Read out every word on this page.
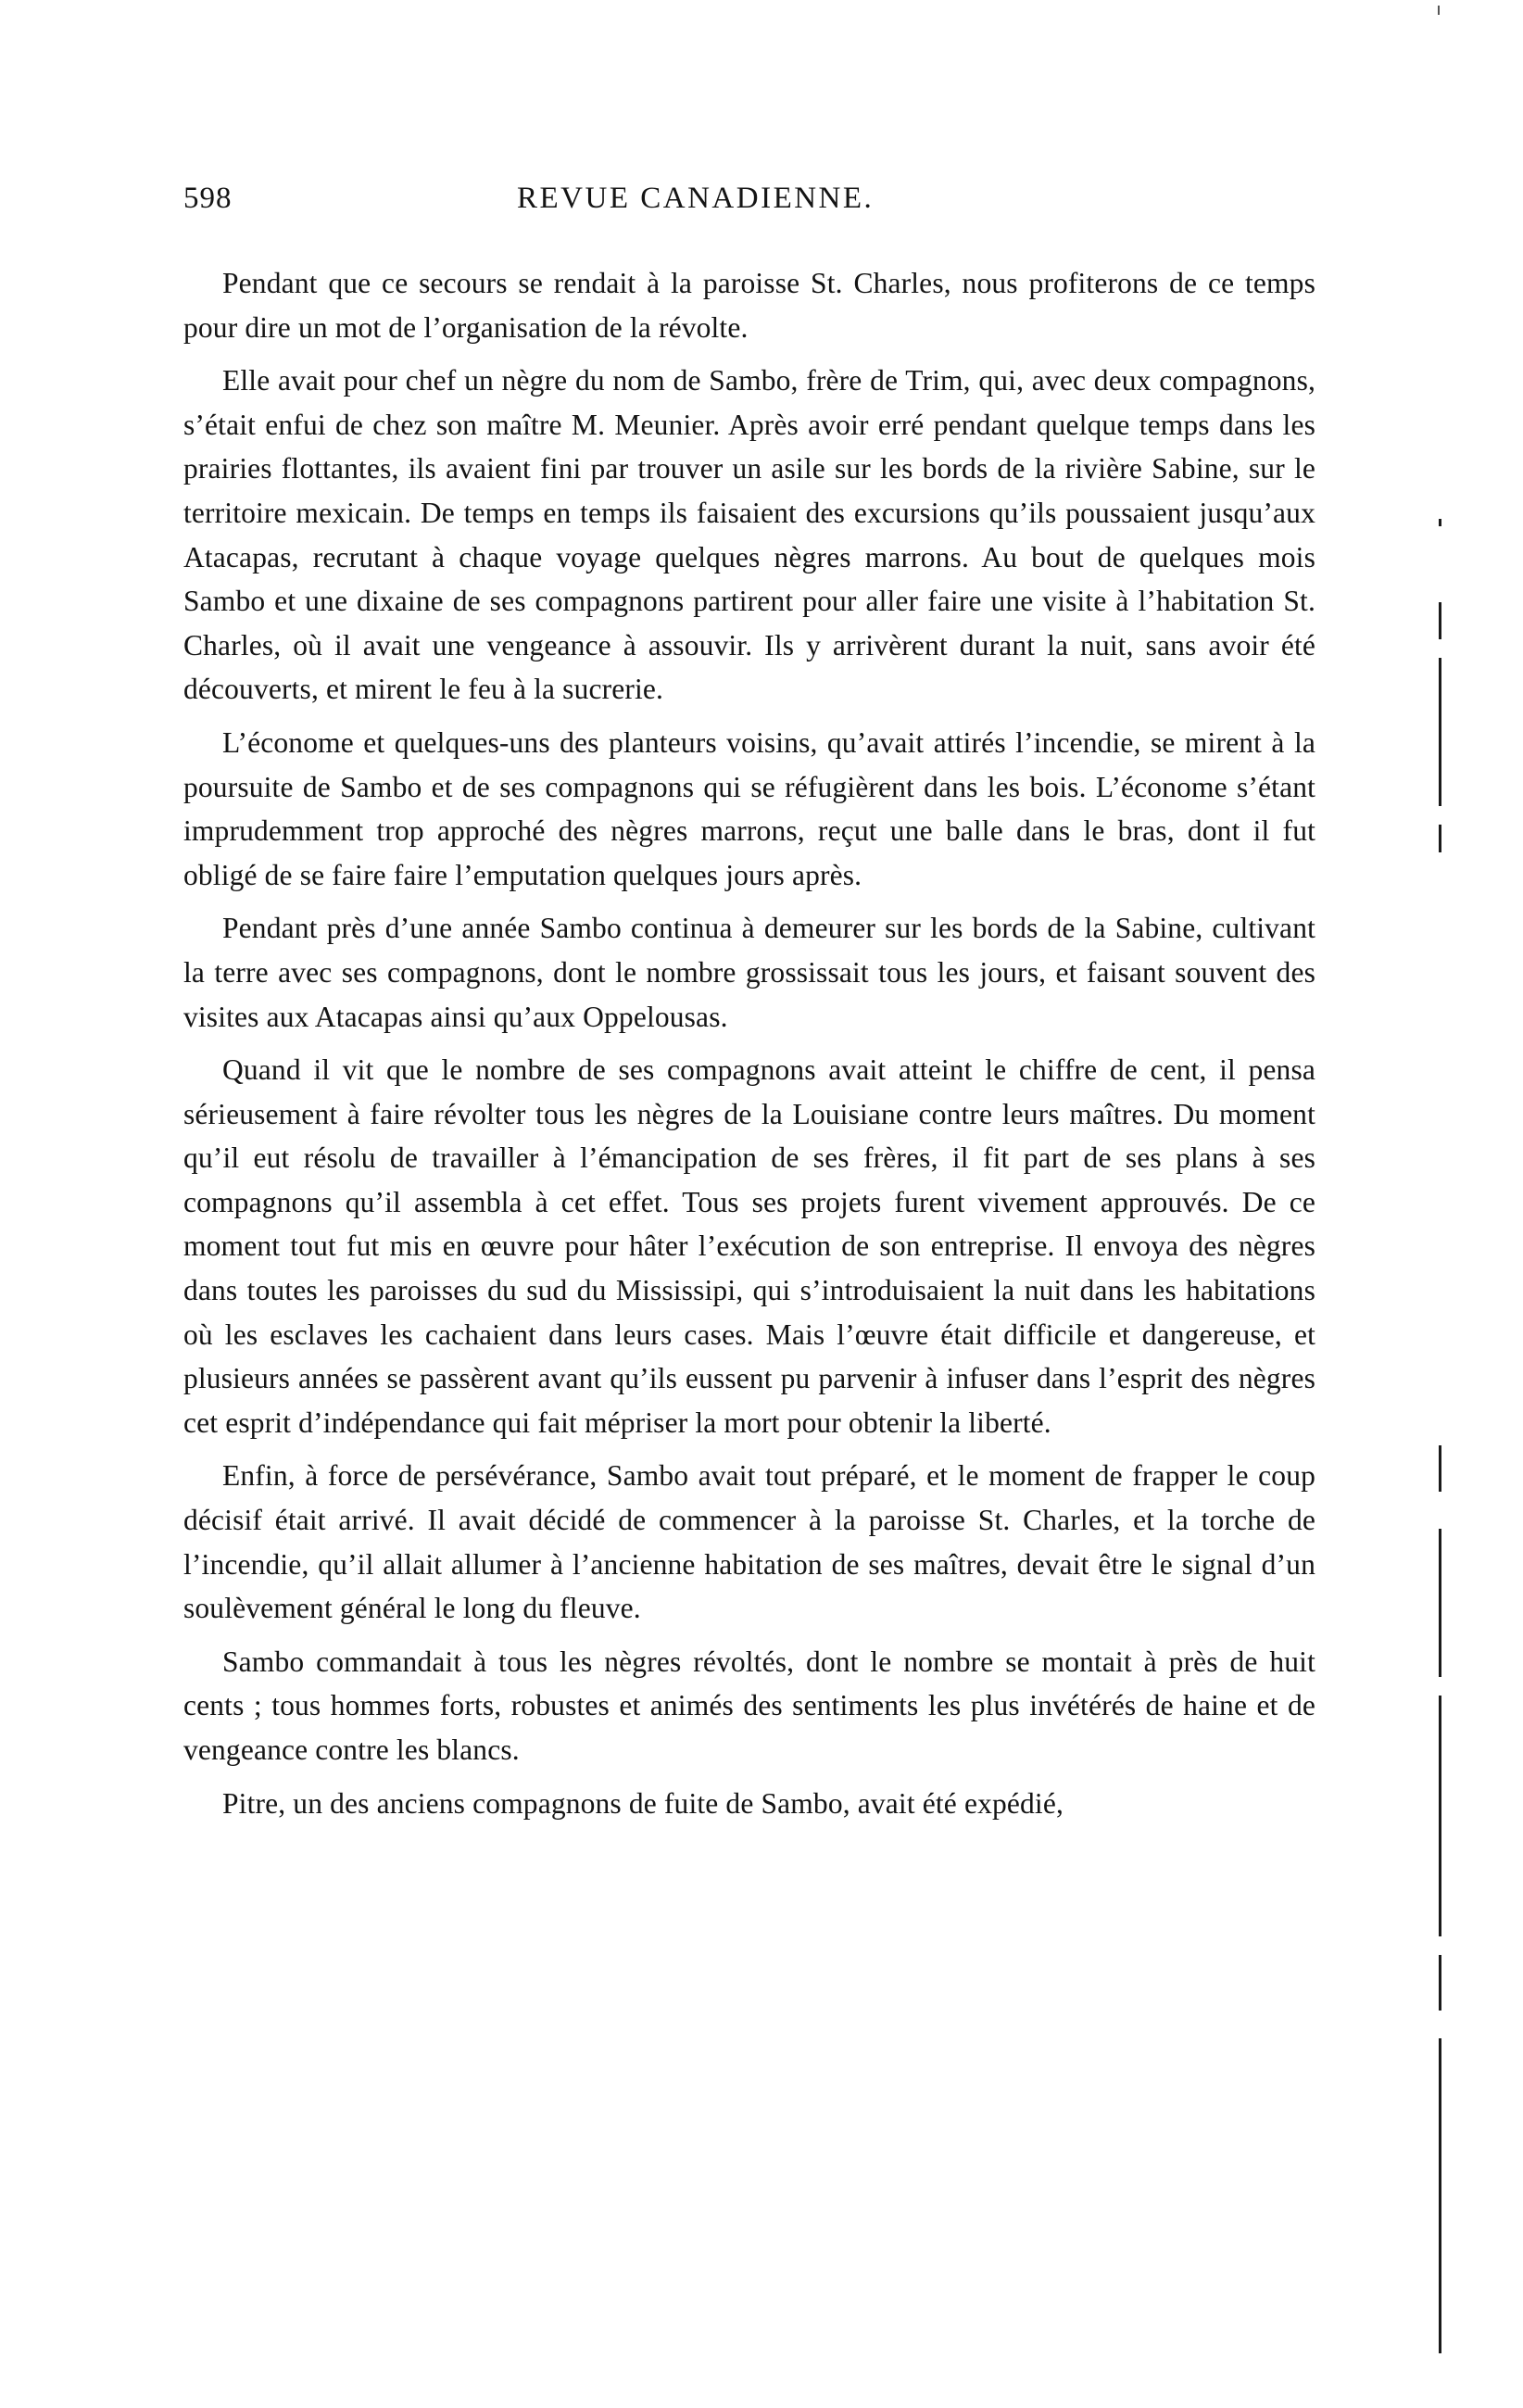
598	REVUE CANADIENNE.

Pendant que ce secours se rendait à la paroisse St. Charles, nous profiterons de ce temps pour dire un mot de l’organisation de la révolte.

Elle avait pour chef un nègre du nom de Sambo, frère de Trim, qui, avec deux compagnons, s’était enfui de chez son maître M. Meunier. Après avoir erré pendant quelque temps dans les prairies flottantes, ils avaient fini par trouver un asile sur les bords de la rivière Sabine, sur le territoire mexicain. De temps en temps ils faisaient des excursions qu’ils poussaient jusqu’aux Atacapas, recrutant à chaque voyage quelques nègres marrons. Au bout de quelques mois Sambo et une dixaine de ses compagnons partirent pour aller faire une visite à l’habitation St. Charles, où il avait une vengeance à assouvir. Ils y arrivèrent durant la nuit, sans avoir été découverts, et mirent le feu à la sucrerie.

L’économe et quelques-uns des planteurs voisins, qu’avait attirés l’incendie, se mirent à la poursuite de Sambo et de ses compagnons qui se réfugièrent dans les bois. L’économe s’étant imprudemment trop approché des nègres marrons, reçut une balle dans le bras, dont il fut obligé de se faire faire l’emputation quelques jours après.

Pendant près d’une année Sambo continua à demeurer sur les bords de la Sabine, cultivant la terre avec ses compagnons, dont le nombre grossissait tous les jours, et faisant souvent des visites aux Atacapas ainsi qu’aux Oppelousas.

Quand il vit que le nombre de ses compagnons avait atteint le chiffre de cent, il pensa sérieusement à faire révolter tous les nègres de la Louisiane contre leurs maîtres. Du moment qu’il eut résolu de travailler à l’émancipation de ses frères, il fit part de ses plans à ses compagnons qu’il assembla à cet effet. Tous ses projets furent vivement approuvés. De ce moment tout fut mis en œuvre pour hâter l’exécution de son entreprise. Il envoya des nègres dans toutes les paroisses du sud du Mississipi, qui s’introduisaient la nuit dans les habitations où les esclaves les cachaient dans leurs cases. Mais l’œuvre était difficile et dangereuse, et plusieurs années se passèrent avant qu’ils eussent pu parvenir à infuser dans l’esprit des nègres cet esprit d’indépendance qui fait mépriser la mort pour obtenir la liberté.

Enfin, à force de persévérance, Sambo avait tout préparé, et le moment de frapper le coup décisif était arrivé. Il avait décidé de commencer à la paroisse St. Charles, et la torche de l’incendie, qu’il allait allumer à l’ancienne habitation de ses maîtres, devait être le signal d’un soulèvement général le long du fleuve.

Sambo commandait à tous les nègres révoltés, dont le nombre se montait à près de huit cents ; tous hommes forts, robustes et animés des sentiments les plus invétérés de haine et de vengeance contre les blancs.

Pitre, un des anciens compagnons de fuite de Sambo, avait été expédié,
